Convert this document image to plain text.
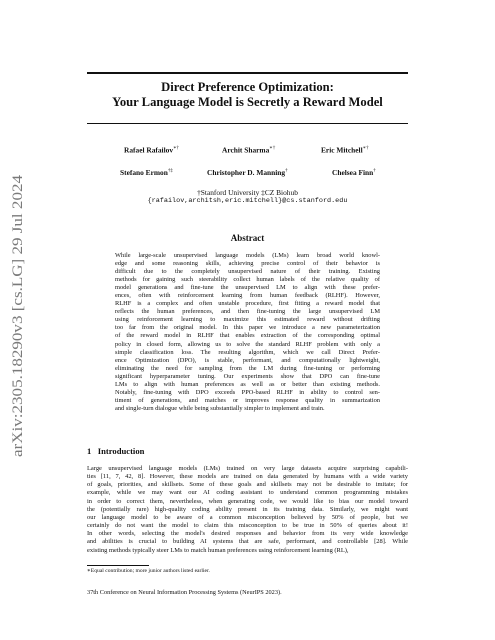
arXiv:2305.18290v3 [cs.LG] 29 Jul 2024
Direct Preference Optimization:
Your Language Model is Secretly a Reward Model
Rafael Rafailov∗†	Archit Sharma∗†	Eric Mitchell∗†
Stefano Ermon†‡	Christopher D. Manning†	Chelsea Finn†
†Stanford University ‡CZ Biohub
{rafailov,architsh,eric.mitchell}@cs.stanford.edu
Abstract
While large-scale unsupervised language models (LMs) learn broad world knowl-
edge and some reasoning skills, achieving precise control of their behavior is
difficult due to the completely unsupervised nature of their training. Existing
methods for gaining such steerability collect human labels of the relative quality of
model generations and fine-tune the unsupervised LM to align with these prefer-
ences, often with reinforcement learning from human feedback (RLHF). However,
RLHF is a complex and often unstable procedure, first fitting a reward model that
reflects the human preferences, and then fine-tuning the large unsupervised LM
using reinforcement learning to maximize this estimated reward without drifting
too far from the original model. In this paper we introduce a new parameterization
of the reward model in RLHF that enables extraction of the corresponding optimal
policy in closed form, allowing us to solve the standard RLHF problem with only a
simple classification loss. The resulting algorithm, which we call Direct Prefer-
ence Optimization (DPO), is stable, performant, and computationally lightweight,
eliminating the need for sampling from the LM during fine-tuning or performing
significant hyperparameter tuning. Our experiments show that DPO can fine-tune
LMs to align with human preferences as well as or better than existing methods.
Notably, fine-tuning with DPO exceeds PPO-based RLHF in ability to control sen-
timent of generations, and matches or improves response quality in summarization
and single-turn dialogue while being substantially simpler to implement and train.
1 Introduction
Large unsupervised language models (LMs) trained on very large datasets acquire surprising capabili-
ties [11, 7, 42, 8]. However, these models are trained on data generated by humans with a wide variety
of goals, priorities, and skillsets. Some of these goals and skillsets may not be desirable to imitate; for
example, while we may want our AI coding assistant to understand common programming mistakes
in order to correct them, nevertheless, when generating code, we would like to bias our model toward
the (potentially rare) high-quality coding ability present in its training data. Similarly, we might want
our language model to be aware of a common misconception believed by 50% of people, but we
certainly do not want the model to claim this misconception to be true in 50% of queries about it!
In other words, selecting the model's desired responses and behavior from its very wide knowledge
and abilities is crucial to building AI systems that are safe, performant, and controllable [28]. While
existing methods typically steer LMs to match human preferences using reinforcement learning (RL),
∗Equal contribution; more junior authors listed earlier.
37th Conference on Neural Information Processing Systems (NeurIPS 2023).
